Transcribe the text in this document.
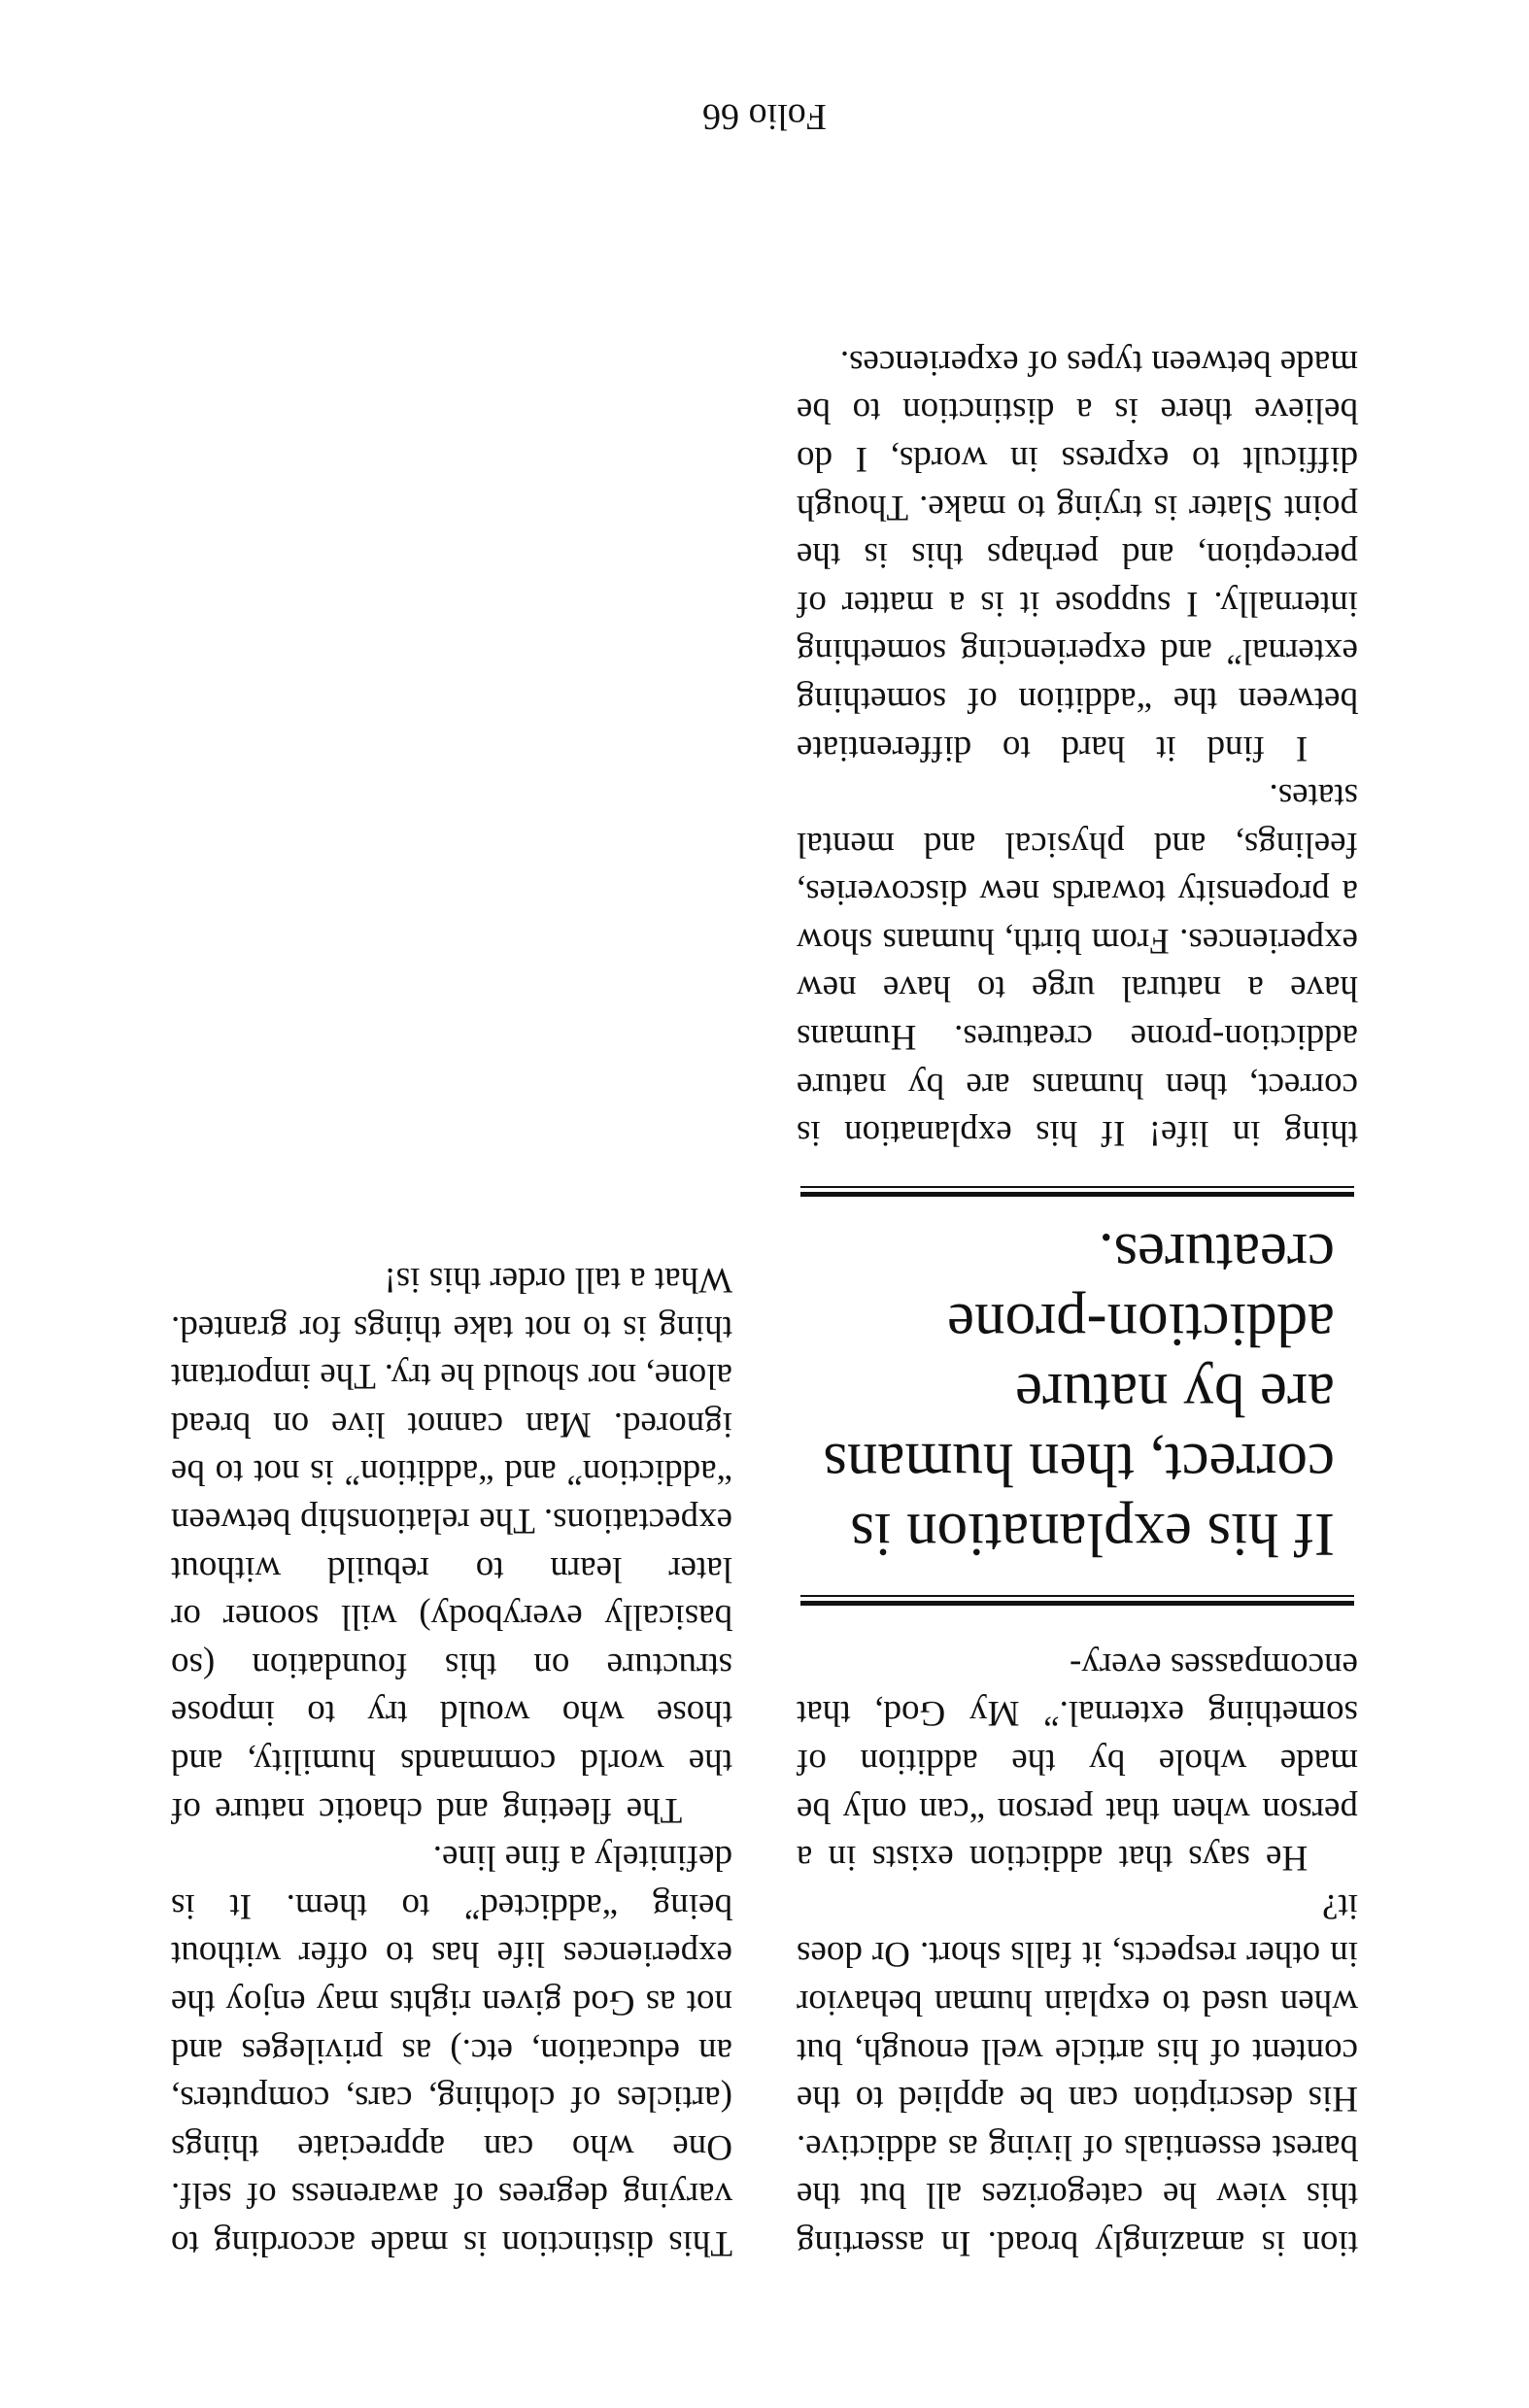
tion is amazingly broad. In asserting this view he categorizes all but the barest essentials of living as addictive. His description can be applied to the content of his article well enough, but when used to explain human behavior in other respects, it falls short. Or does it?

He says that addiction exists in a person when that person “can only be made whole by the addition of something external.” My God, that encompasses every-

If his explanation is correct, then humans are by nature addiction-prone creatures.

thing in life! If his explanation is correct, then humans are by nature addiction-prone creatures. Humans have a natural urge to have new experiences. From birth, humans show a propensity towards new discoveries, feelings, and physical and mental states.

I find it hard to differentiate between the “addition of something external” and experiencing something internally. I suppose it is a matter of perception, and perhaps this is the point Slater is trying to make. Though difficult to express in words, I do believe there is a distinction to be made between types of experiences.

This distinction is made according to varying degrees of awareness of self. One who can appreciate things (articles of clothing, cars, computers, an education, etc.) as privileges and not as God given rights may enjoy the experiences life has to offer without being “addicted” to them. It is definitely a fine line.

The fleeting and chaotic nature of the world commands humility, and those who would try to impose structure on this foundation (so basically everybody) will sooner or later learn to rebuild without expectations. The relationship between “addiction” and “addition” is not to be ignored. Man cannot live on bread alone, nor should he try. The important thing is to not take things for granted. What a tall order this is!

Folio 66
